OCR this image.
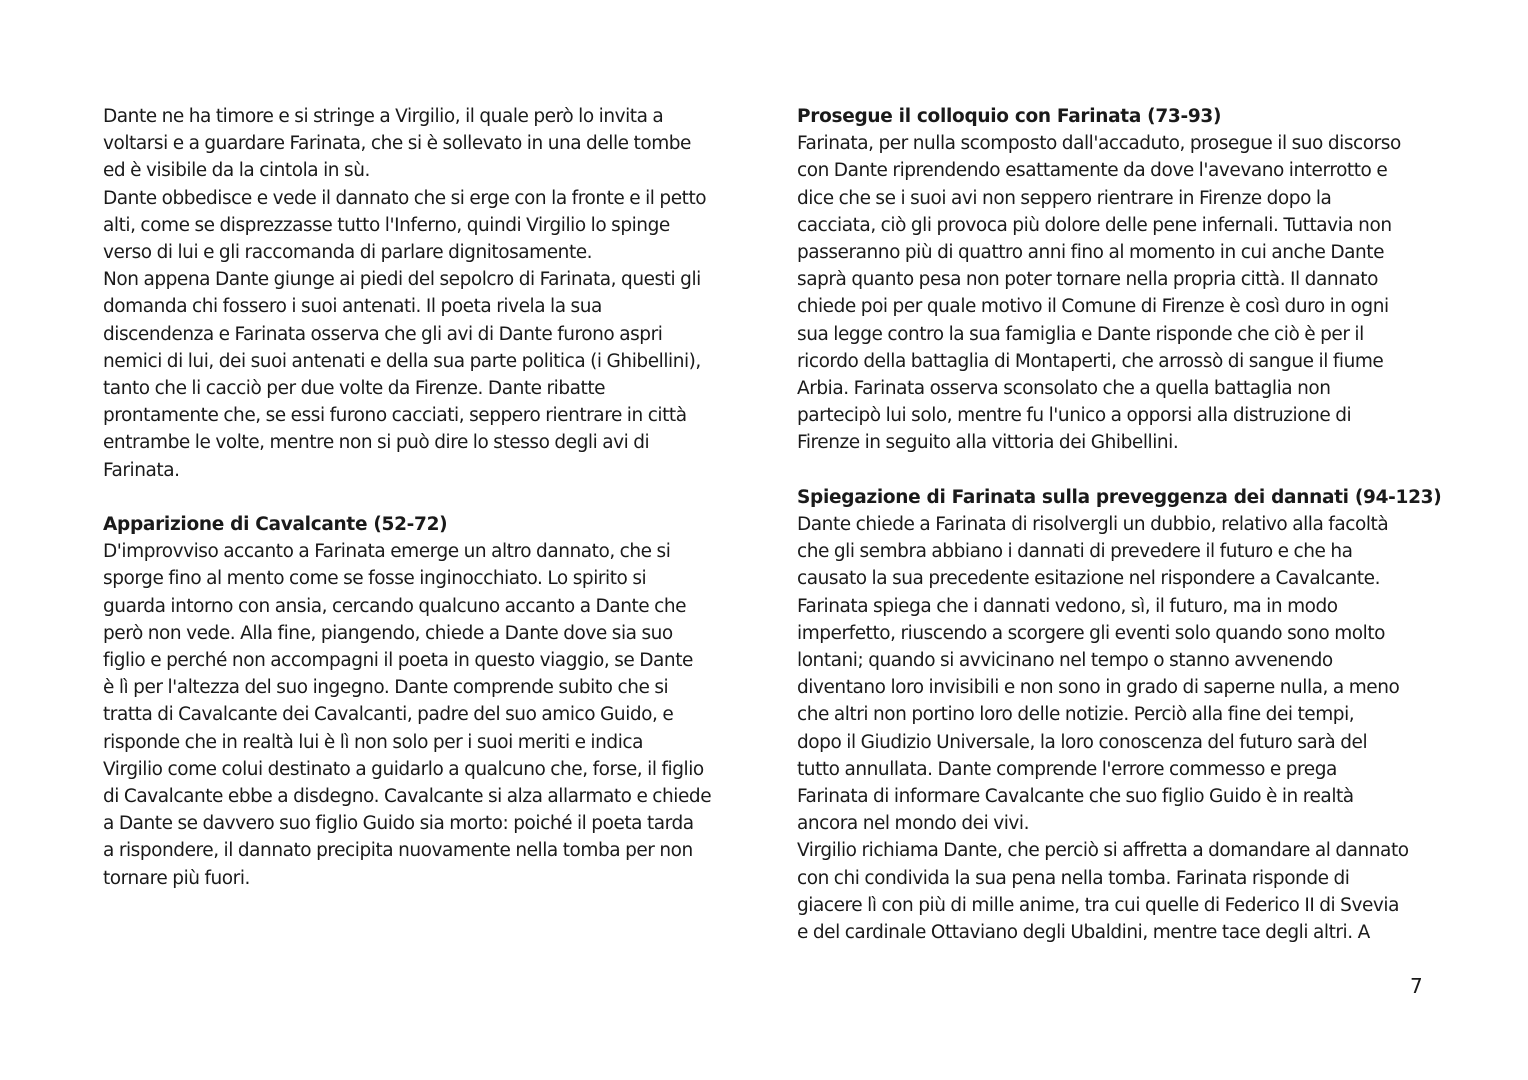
Dante ne ha timore e si stringe a Virgilio, il quale però lo invita a
voltarsi e a guardare Farinata, che si è sollevato in una delle tombe
ed è visibile da la cintola in sù.
Dante obbedisce e vede il dannato che si erge con la fronte e il petto
alti, come se disprezzasse tutto l'Inferno, quindi Virgilio lo spinge
verso di lui e gli raccomanda di parlare dignitosamente.
Non appena Dante giunge ai piedi del sepolcro di Farinata, questi gli
domanda chi fossero i suoi antenati. Il poeta rivela la sua
discendenza e Farinata osserva che gli avi di Dante furono aspri
nemici di lui, dei suoi antenati e della sua parte politica (i Ghibellini),
tanto che li cacciò per due volte da Firenze. Dante ribatte
prontamente che, se essi furono cacciati, seppero rientrare in città
entrambe le volte, mentre non si può dire lo stesso degli avi di
Farinata.

Apparizione di Cavalcante (52-72)

D'improvviso accanto a Farinata emerge un altro dannato, che si
sporge fino al mento come se fosse inginocchiato. Lo spirito si
guarda intorno con ansia, cercando qualcuno accanto a Dante che
però non vede. Alla fine, piangendo, chiede a Dante dove sia suo
figlio e perché non accompagni il poeta in questo viaggio, se Dante
è lì per l'altezza del suo ingegno. Dante comprende subito che si
tratta di Cavalcante dei Cavalcanti, padre del suo amico Guido, e
risponde che in realtà lui è lì non solo per i suoi meriti e indica
Virgilio come colui destinato a guidarlo a qualcuno che, forse, il figlio
di Cavalcante ebbe a disdegno. Cavalcante si alza allarmato e chiede
a Dante se davvero suo figlio Guido sia morto: poiché il poeta tarda
a rispondere, il dannato precipita nuovamente nella tomba per non
tornare più fuori.

Prosegue il colloquio con Farinata (73-93)

Farinata, per nulla scomposto dall'accaduto, prosegue il suo discorso
con Dante riprendendo esattamente da dove l'avevano interrotto e
dice che se i suoi avi non seppero rientrare in Firenze dopo la
cacciata, ciò gli provoca più dolore delle pene infernali. Tuttavia non
passeranno più di quattro anni fino al momento in cui anche Dante
saprà quanto pesa non poter tornare nella propria città. Il dannato
chiede poi per quale motivo il Comune di Firenze è così duro in ogni
sua legge contro la sua famiglia e Dante risponde che ciò è per il
ricordo della battaglia di Montaperti, che arrossò di sangue il fiume
Arbia. Farinata osserva sconsolato che a quella battaglia non
partecipò lui solo, mentre fu l'unico a opporsi alla distruzione di
Firenze in seguito alla vittoria dei Ghibellini.

Spiegazione di Farinata sulla preveggenza dei dannati (94-123)

Dante chiede a Farinata di risolvergli un dubbio, relativo alla facoltà
che gli sembra abbiano i dannati di prevedere il futuro e che ha
causato la sua precedente esitazione nel rispondere a Cavalcante.
Farinata spiega che i dannati vedono, sì, il futuro, ma in modo
imperfetto, riuscendo a scorgere gli eventi solo quando sono molto
lontani; quando si avvicinano nel tempo o stanno avvenendo
diventano loro invisibili e non sono in grado di saperne nulla, a meno
che altri non portino loro delle notizie. Perciò alla fine dei tempi,
dopo il Giudizio Universale, la loro conoscenza del futuro sarà del
tutto annullata. Dante comprende l'errore commesso e prega
Farinata di informare Cavalcante che suo figlio Guido è in realtà
ancora nel mondo dei vivi.
Virgilio richiama Dante, che perciò si affretta a domandare al dannato
con chi condivida la sua pena nella tomba. Farinata risponde di
giacere lì con più di mille anime, tra cui quelle di Federico II di Svevia
e del cardinale Ottaviano degli Ubaldini, mentre tace degli altri. A

7
